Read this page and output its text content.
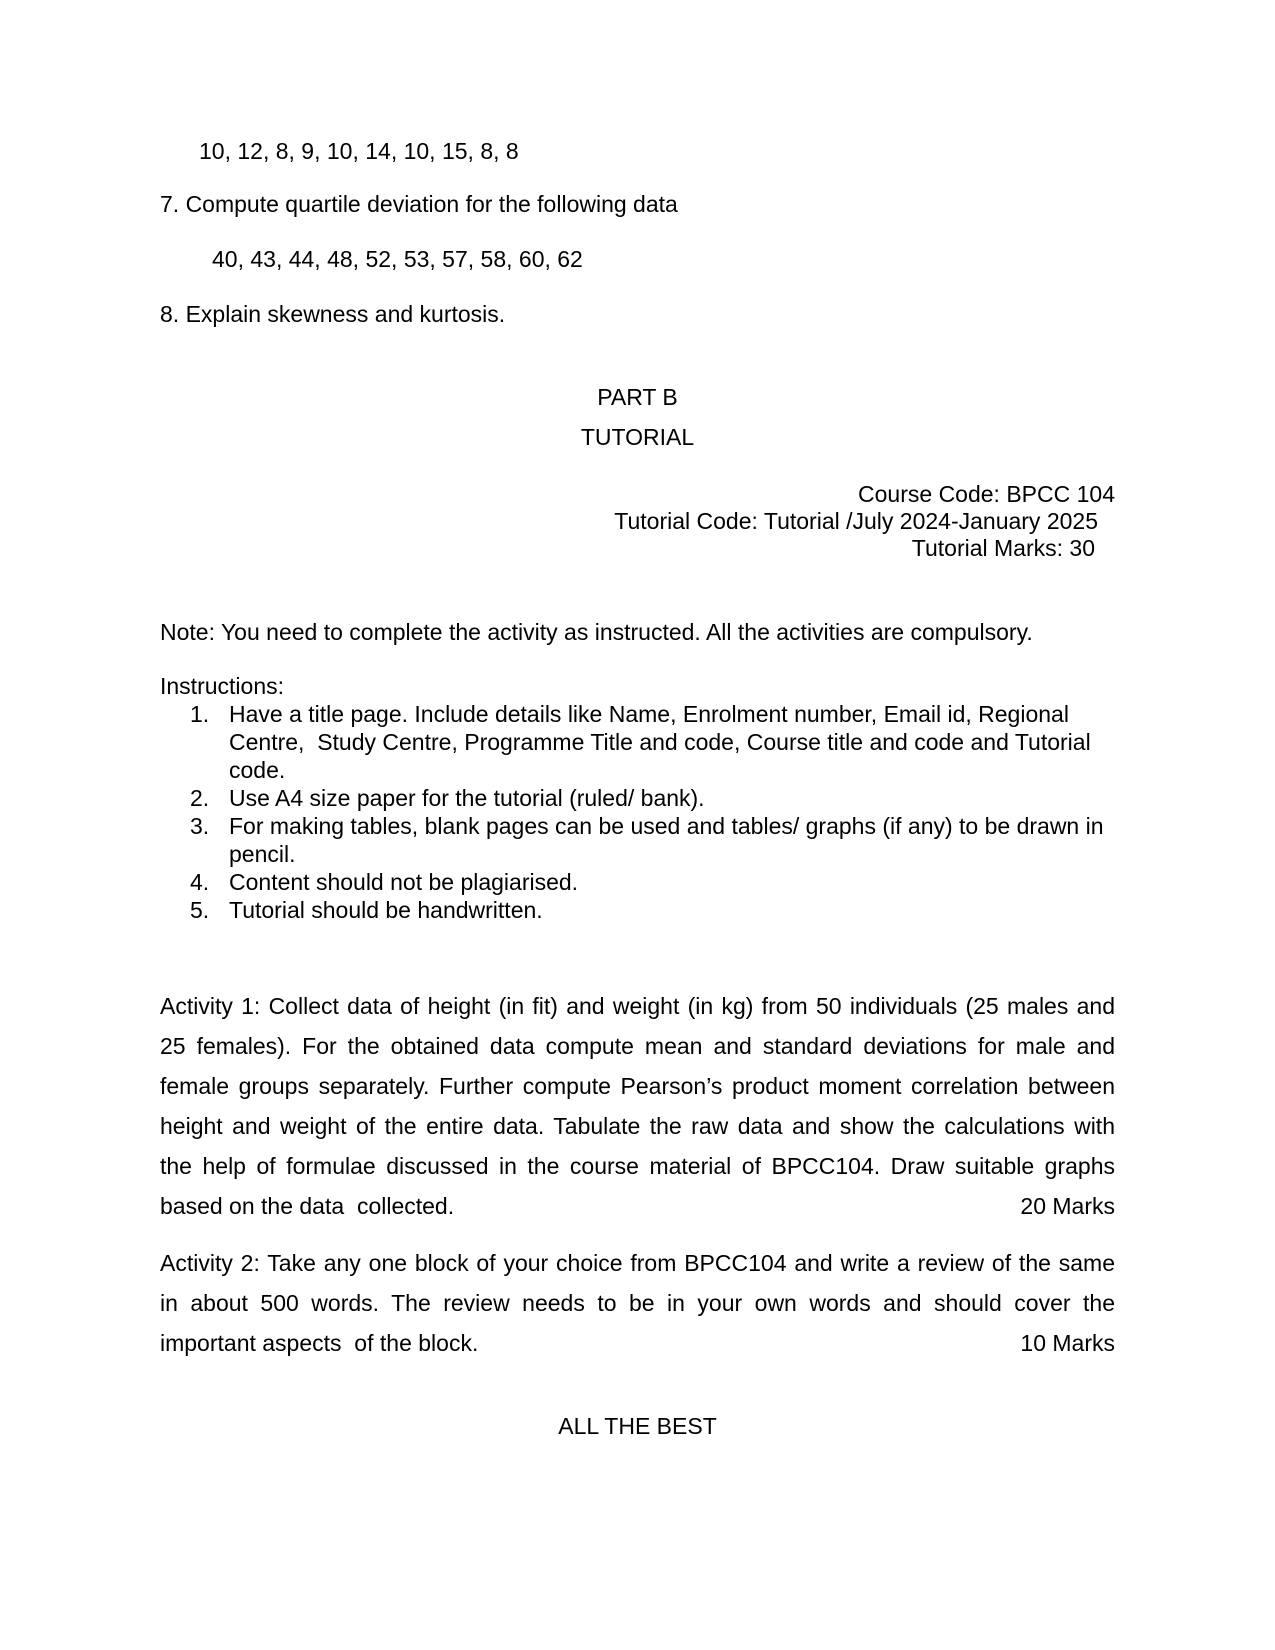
10, 12, 8, 9, 10, 14, 10, 15, 8, 8
7. Compute quartile deviation for the following data
40, 43, 44, 48, 52, 53, 57, 58, 60, 62
8. Explain skewness and kurtosis.
PART B
TUTORIAL
Course Code: BPCC 104
Tutorial Code: Tutorial /July 2024-January 2025
Tutorial Marks: 30
Note: You need to complete the activity as instructed. All the activities are compulsory.
Instructions:
1. Have a title page. Include details like Name, Enrolment number, Email id, Regional
Centre,  Study Centre, Programme Title and code, Course title and code and Tutorial
code.
2. Use A4 size paper for the tutorial (ruled/ bank).
3. For making tables, blank pages can be used and tables/ graphs (if any) to be drawn in
pencil.
4. Content should not be plagiarised.
5. Tutorial should be handwritten.
Activity 1: Collect data of height (in fit) and weight (in kg) from 50 individuals (25 males and
25 females). For the obtained data compute mean and standard deviations for male and
female groups separately. Further compute Pearson’s product moment correlation between
height and weight of the entire data. Tabulate the raw data and show the calculations with
the help of formulae discussed in the course material of BPCC104. Draw suitable graphs
based on the data  collected.	20 Marks
Activity 2: Take any one block of your choice from BPCC104 and write a review of the same
in about 500 words. The review needs to be in your own words and should cover the
important aspects  of the block.	10 Marks
ALL THE BEST
